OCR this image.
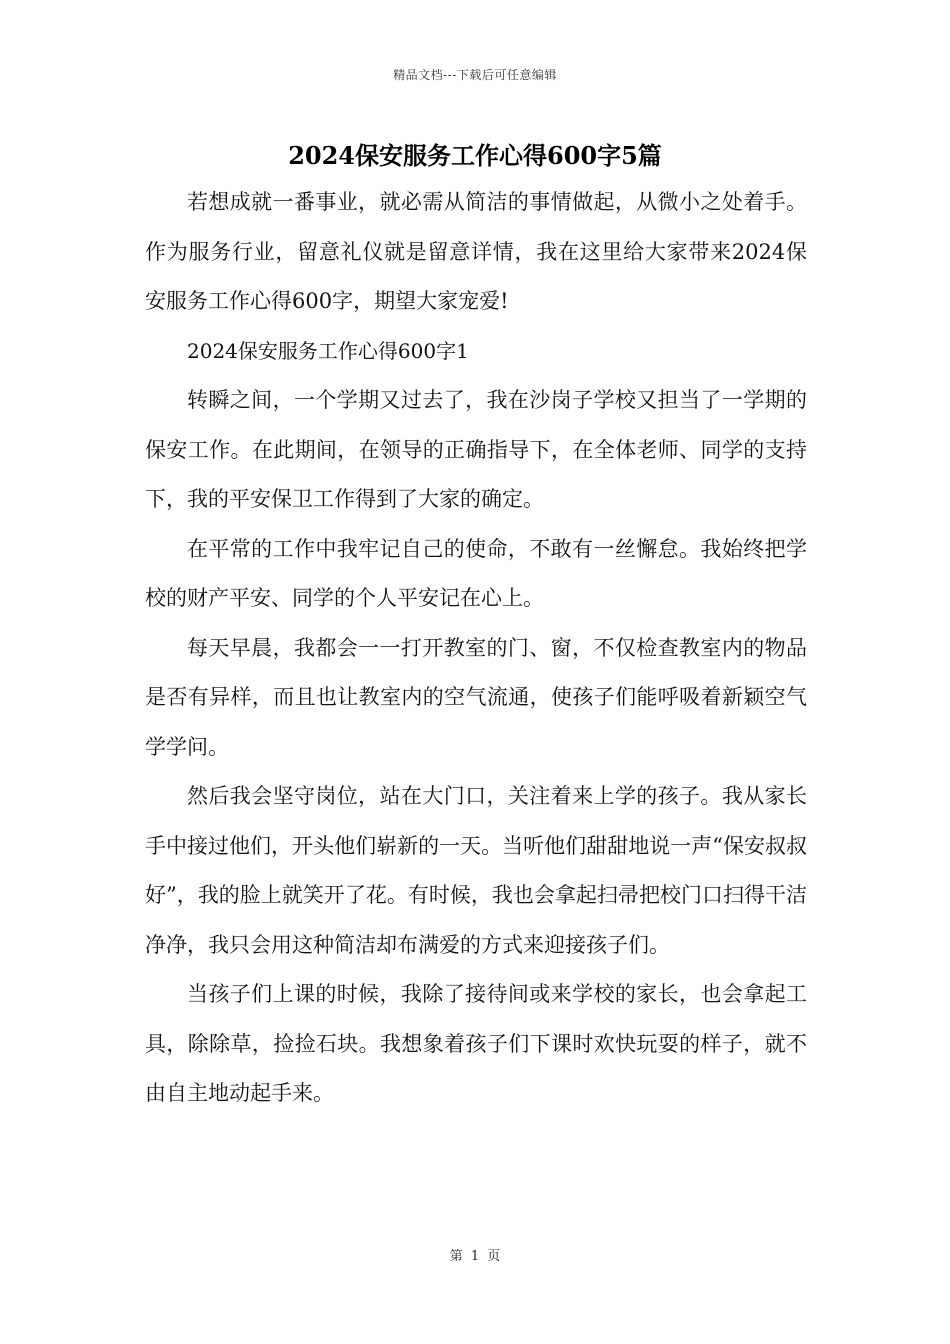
精品文档---下载后可任意编辑
2024保安服务工作心得600字5篇

若想成就一番事业，就必需从简洁的事情做起，从微小之处着手。作为服务行业，留意礼仪就是留意详情，我在这里给大家带来2024保安服务工作心得600字，期望大家宠爱!

2024保安服务工作心得600字1

转瞬之间，一个学期又过去了，我在沙岗子学校又担当了一学期的保安工作。在此期间，在领导的正确指导下，在全体老师、同学的支持下，我的平安保卫工作得到了大家的确定。

在平常的工作中我牢记自己的使命，不敢有一丝懈怠。我始终把学校的财产平安、同学的个人平安记在心上。

每天早晨，我都会一一打开教室的门、窗，不仅检查教室内的物品是否有异样，而且也让教室内的空气流通，使孩子们能呼吸着新颖空气学学问。

然后我会坚守岗位，站在大门口，关注着来上学的孩子。我从家长手中接过他们，开头他们崭新的一天。当听他们甜甜地说一声“保安叔叔好”，我的脸上就笑开了花。有时候，我也会拿起扫帚把校门口扫得干洁净净，我只会用这种简洁却布满爱的方式来迎接孩子们。

当孩子们上课的时候，我除了接待间或来学校的家长，也会拿起工具，除除草，捡捡石块。我想象着孩子们下课时欢快玩耍的样子，就不由自主地动起手来。

第 1 页
